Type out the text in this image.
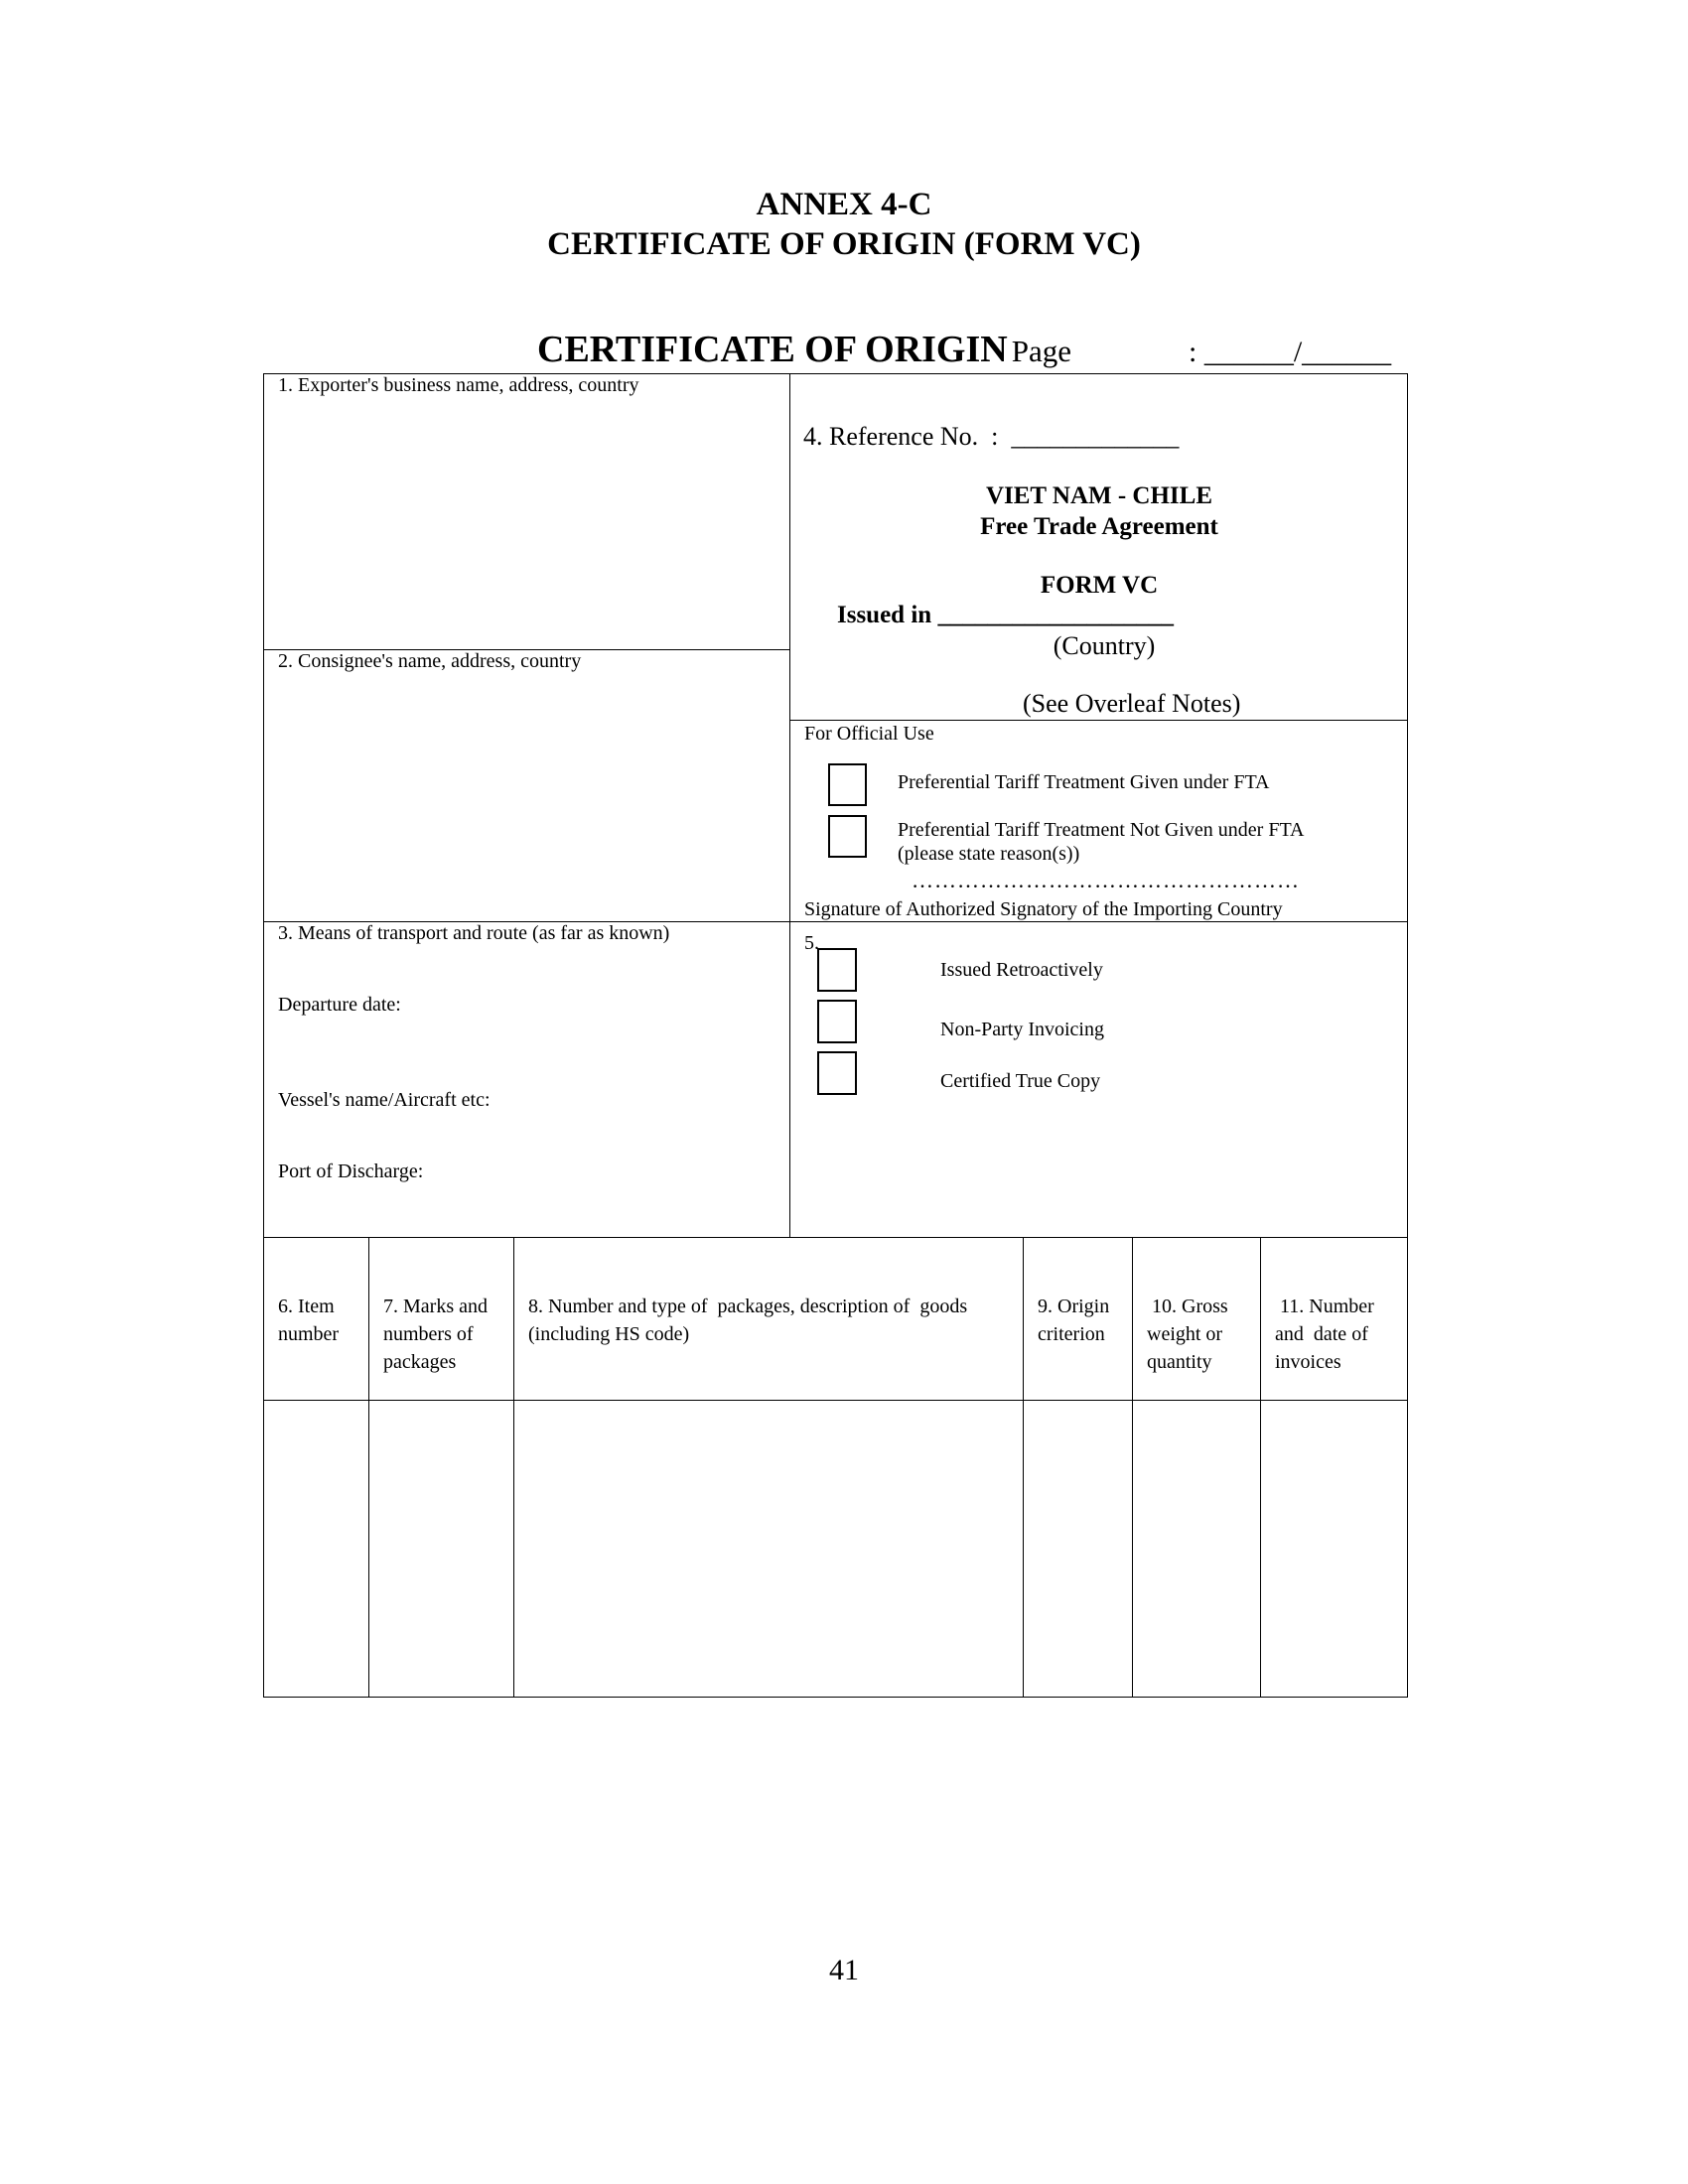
ANNEX 4-C
CERTIFICATE OF ORIGIN (FORM VC)
CERTIFICATE OF ORIGIN Page	: ______/______
1. Exporter's business name, address, country
2. Consignee's name, address, country
3. Means of transport and route (as far as known)
Departure date:
Vessel's name/Aircraft etc:
Port of Discharge:
4. Reference No.  :  _____________
VIET NAM - CHILE
Free Trade Agreement
FORM VC
Issued in ___________________
(Country)
(See Overleaf Notes)
For Official Use
Preferential Tariff Treatment Given under FTA
Preferential Tariff Treatment Not Given under FTA
(please state reason(s))
……………………………………………
Signature of Authorized Signatory of the Importing Country
5.
Issued Retroactively
Non-Party Invoicing
Certified True Copy

6. Item
number

7. Marks and
numbers of
packages

8. Number and type of  packages, description of  goods
(including HS code)

9. Origin
criterion

10. Gross
weight or
quantity

11. Number
and  date of
invoices

41
